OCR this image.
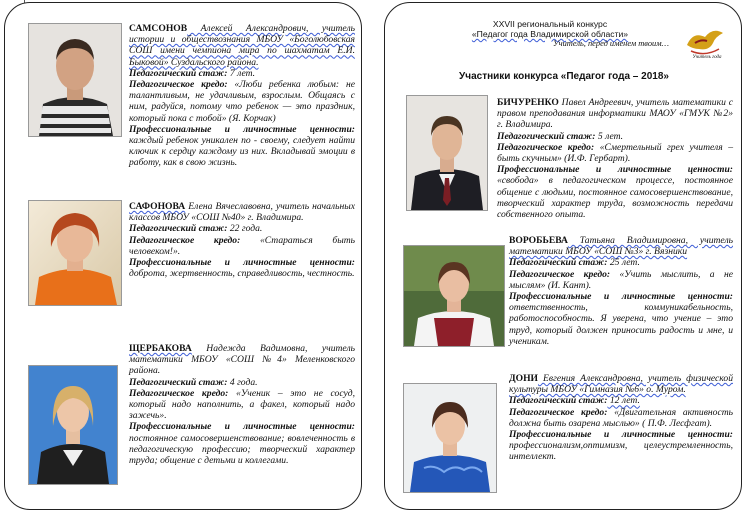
САМСОНОВ Алексей Александрович, учитель истории и обществознания МБОУ «Боголюбовская СОШ имени чемпиона мира по шахматам Е.И. Быковой» Суздальского района.

Педагогический стаж: 7 лет.

Педагогическое кредо: «Люби ребенка любым: не талантливым, не удачливым, взрослым. Общаясь с ним, радуйся, потому что ребенок — это праздник, который пока с тобой» (Я. Корчак)

Профессиональные и личностные ценности: каждый ребенок уникален по - своему, следует найти ключик к сердцу каждому из них. Вкладывай эмоции в работу, как в свою жизнь.

САФОНОВА Елена Вячеславовна, учитель начальных классов МБОУ «СОШ №40» г. Владимира.

Педагогический стаж: 22 года.

Педагогическое кредо: «Стараться быть человеком!».

Профессиональные и личностные ценности: доброта, жертвенность, справедливость, честность.

ЩЕРБАКОВА Надежда Вадимовна, учитель математики МБОУ «СОШ №4» Меленковского района.

Педагогический стаж: 4 года.

Педагогическое кредо: «Ученик – это не сосуд, который надо наполнить, а факел, который надо зажечь».

Профессиональные и личностные ценности: постоянное самосовершенствование; вовлеченность в педагогическую профессию; творческий характер труда; общение с детьми и коллегами.

XXVII региональный конкурс
«Педагог года Владимирской области»
Учитель, перед именем твоим…
Учитель года
Участники конкурса «Педагог года – 2018»

БИЧУРЕНКО Павел Андреевич, учитель математики с правом преподавания информатики МАОУ «ГМУК №2» г. Владимира.

Педагогический стаж: 5 лет.

Педагогическое кредо: «Смертельный грех учителя – быть скучным» (И.Ф. Гербарт).

Профессиональные и личностные ценности: «свобода» в педагогическом процессе, постоянное общение с людьми, постоянное самосовершенствование, творческий характер труда, возможность передачи собственного опыта.

ВОРОБЬЕВА Татьяна Владимировна, учитель математики МБОУ «СОШ №3» г. Вязники

Педагогический стаж: 25 лет.

Педагогическое кредо: «Учить мыслить, а не мыслям» (И. Кант).

Профессиональные и личностные ценности: ответственность, коммуникабельность, работоспособность. Я уверена, что учение – это труд, который должен приносить радость и мне, и ученикам.

ДОНИ Евгения Александровна, учитель физической культуры МБОУ «Гимназия №6» о. Муром.

Педагогический стаж: 12 лет.

Педагогическое кредо: «Двигательная активность должна быть озарена мыслью» ( П.Ф. Лесфгат).

Профессиональные и личностные ценности: профессионализм,оптимизм, целеустремленность, интеллект.
